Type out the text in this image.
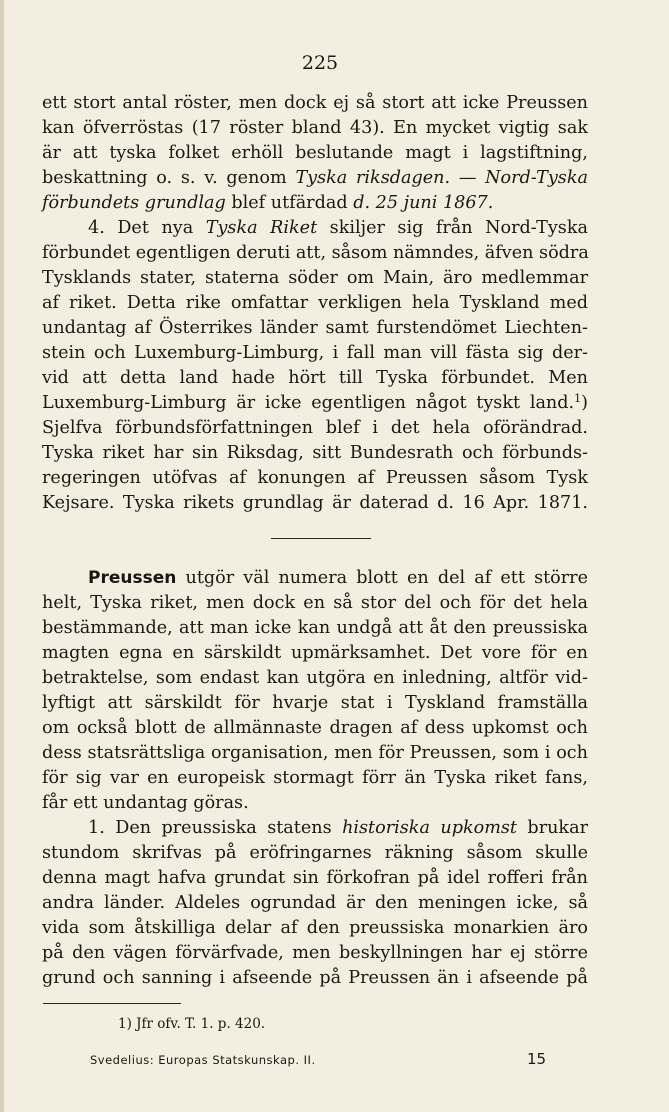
225
ett stort antal röster, men dock ej så stort att icke Preussen
kan öfverröstas (17 röster bland 43). En mycket vigtig sak
är att tyska folket erhöll beslutande magt i lagstiftning,
beskattning o. s. v. genom Tyska riksdagen. — Nord-Tyska
förbundets grundlag blef utfärdad d. 25 juni 1867.
4. Det nya Tyska Riket skiljer sig från Nord-Tyska
förbundet egentligen deruti att, såsom nämndes, äfven södra
Tysklands stater, staterna söder om Main, äro medlemmar
af riket. Detta rike omfattar verkligen hela Tyskland med
undantag af Österrikes länder samt furstendömet Liechten-
stein och Luxemburg-Limburg, i fall man vill fästa sig der-
vid att detta land hade hört till Tyska förbundet. Men
Luxemburg-Limburg är icke egentligen något tyskt land.$^1$)
Sjelfva förbundsförfattningen blef i det hela oförändrad.
Tyska riket har sin Riksdag, sitt Bundesrath och förbunds-
regeringen utöfvas af konungen af Preussen såsom Tysk
Kejsare. Tyska rikets grundlag är daterad d. 16 Apr. 1871.
Preussen utgör väl numera blott en del af ett större
helt, Tyska riket, men dock en så stor del och för det hela
bestämmande, att man icke kan undgå att åt den preussiska
magten egna en särskildt upmärksamhet. Det vore för en
betraktelse, som endast kan utgöra en inledning, altför vid-
lyftigt att särskildt för hvarje stat i Tyskland framställa
om också blott de allmännaste dragen af dess upkomst och
dess statsrättsliga organisation, men för Preussen, som i och
för sig var en europeisk stormagt förr än Tyska riket fans,
får ett undantag göras.
1. Den preussiska statens historiska upkomst brukar
stundom skrifvas på eröfringarnes räkning såsom skulle
denna magt hafva grundat sin förkofran på idel rofferi från
andra länder. Aldeles ogrundad är den meningen icke, så
vida som åtskilliga delar af den preussiska monarkien äro
på den vägen förvärfvade, men beskyllningen har ej större
grund och sanning i afseende på Preussen än i afseende på
1) Jfr ofv. T. 1. p. 420.
Svedelius: Europas Statskunskap. II.	15
